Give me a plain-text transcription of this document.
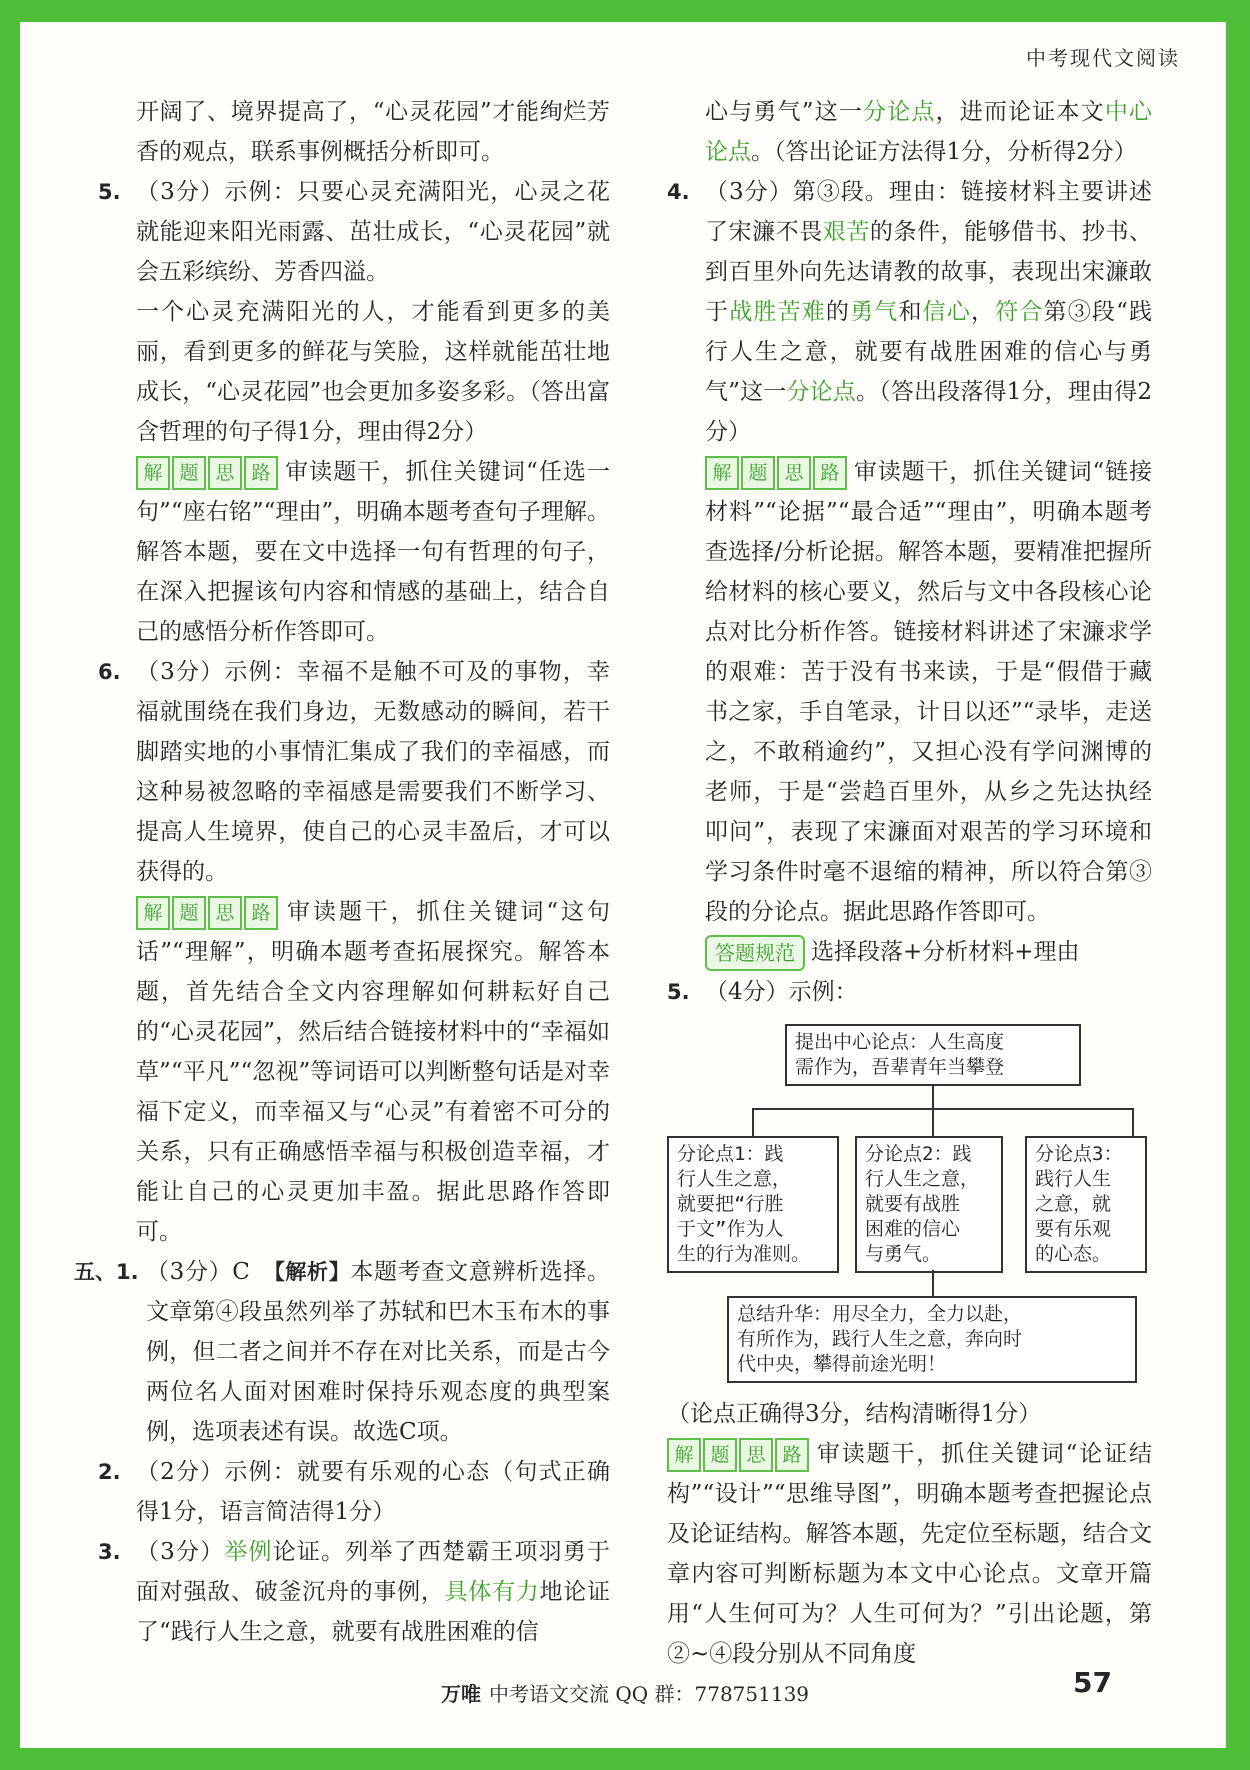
中考现代文阅读

开阔了、境界提高了，“心灵花园”才能绚烂芳香的观点，联系事例概括分析即可。

5. （3分）示例：只要心灵充满阳光，心灵之花就能迎来阳光雨露、茁壮成长，“心灵花园”就会五彩缤纷、芳香四溢。

一个心灵充满阳光的人，才能看到更多的美丽，看到更多的鲜花与笑脸，这样就能茁壮地成长，“心灵花园”也会更加多姿多彩。（答出富含哲理的句子得1分，理由得2分）

解 题 思 路 审读题干，抓住关键词“任选一句”“座右铭”“理由”，明确本题考查句子理解。解答本题，要在文中选择一句有哲理的句子，在深入把握该句内容和情感的基础上，结合自己的感悟分析作答即可。

6. （3分）示例：幸福不是触不可及的事物，幸福就围绕在我们身边，无数感动的瞬间，若干脚踏实地的小事情汇集成了我们的幸福感，而这种易被忽略的幸福感是需要我们不断学习、提高人生境界，使自己的心灵丰盈后，才可以获得的。

解 题 思 路 审读题干，抓住关键词“这句话”“理解”，明确本题考查拓展探究。解答本题，首先结合全文内容理解如何耕耘好自己的“心灵花园”，然后结合链接材料中的“幸福如草”“平凡”“忽视”等词语可以判断整句话是对幸福下定义，而幸福又与“心灵”有着密不可分的关系，只有正确感悟幸福与积极创造幸福，才能让自己的心灵更加丰盈。据此思路作答即可。

五、1. （3分）C　【解析】本题考查文意辨析选择。文章第④段虽然列举了苏轼和巴木玉布木的事例，但二者之间并不存在对比关系，而是古今两位名人面对困难时保持乐观态度的典型案例，选项表述有误。故选C项。
2. （2分）示例：就要有乐观的心态（句式正确得1分，语言简洁得1分）
3. （3分）举例论证。列举了西楚霸王项羽勇于面对强敌、破釜沉舟的事例，具体有力地论证了“践行人生之意，就要有战胜困难的信

心与勇气”这一分论点，进而论证本文中心论点。（答出论证方法得1分，分析得2分）

4. （3分）第③段。理由：链接材料主要讲述了宋濂不畏艰苦的条件，能够借书、抄书、到百里外向先达请教的故事，表现出宋濂敢于战胜苦难的勇气和信心，符合第③段“践行人生之意，就要有战胜困难的信心与勇气”这一分论点。（答出段落得1分，理由得2分）

解 题 思 路 审读题干，抓住关键词“链接材料”“论据”“最合适”“理由”，明确本题考查选择/分析论据。解答本题，要精准把握所给材料的核心要义，然后与文中各段核心论点对比分析作答。链接材料讲述了宋濂求学的艰难：苦于没有书来读，于是“假借于藏书之家，手自笔录，计日以还”“录毕，走送之，不敢稍逾约”，又担心没有学问渊博的老师，于是“尝趋百里外，从乡之先达执经叩问”，表现了宋濂面对艰苦的学习环境和学习条件时毫不退缩的精神，所以符合第③段的分论点。据此思路作答即可。

答题规范 选择段落+分析材料+理由

5. （4分）示例：
提出中心论点：人生高度
需作为，吾辈青年当攀登
分论点1：践
行人生之意，
就要把“行胜
于文”作为人
生的行为准则。
分论点2：践
行人生之意，
就要有战胜
困难的信心
与勇气。
分论点3：
践行人生
之意，就
要有乐观
的心态。
总结升华：用尽全力，全力以赴，
有所作为，践行人生之意，奔向时
代中央，攀得前途光明！

（论点正确得3分，结构清晰得1分）

解 题 思 路 审读题干，抓住关键词“论证结构”“设计”“思维导图”，明确本题考查把握论点及论证结构。解答本题，先定位至标题，结合文章内容可判断标题为本文中心论点。文章开篇用“人生何可为？人生可何为？”引出论题，第②~④段分别从不同角度

万唯 中考语文交流 QQ 群：778751139	57
